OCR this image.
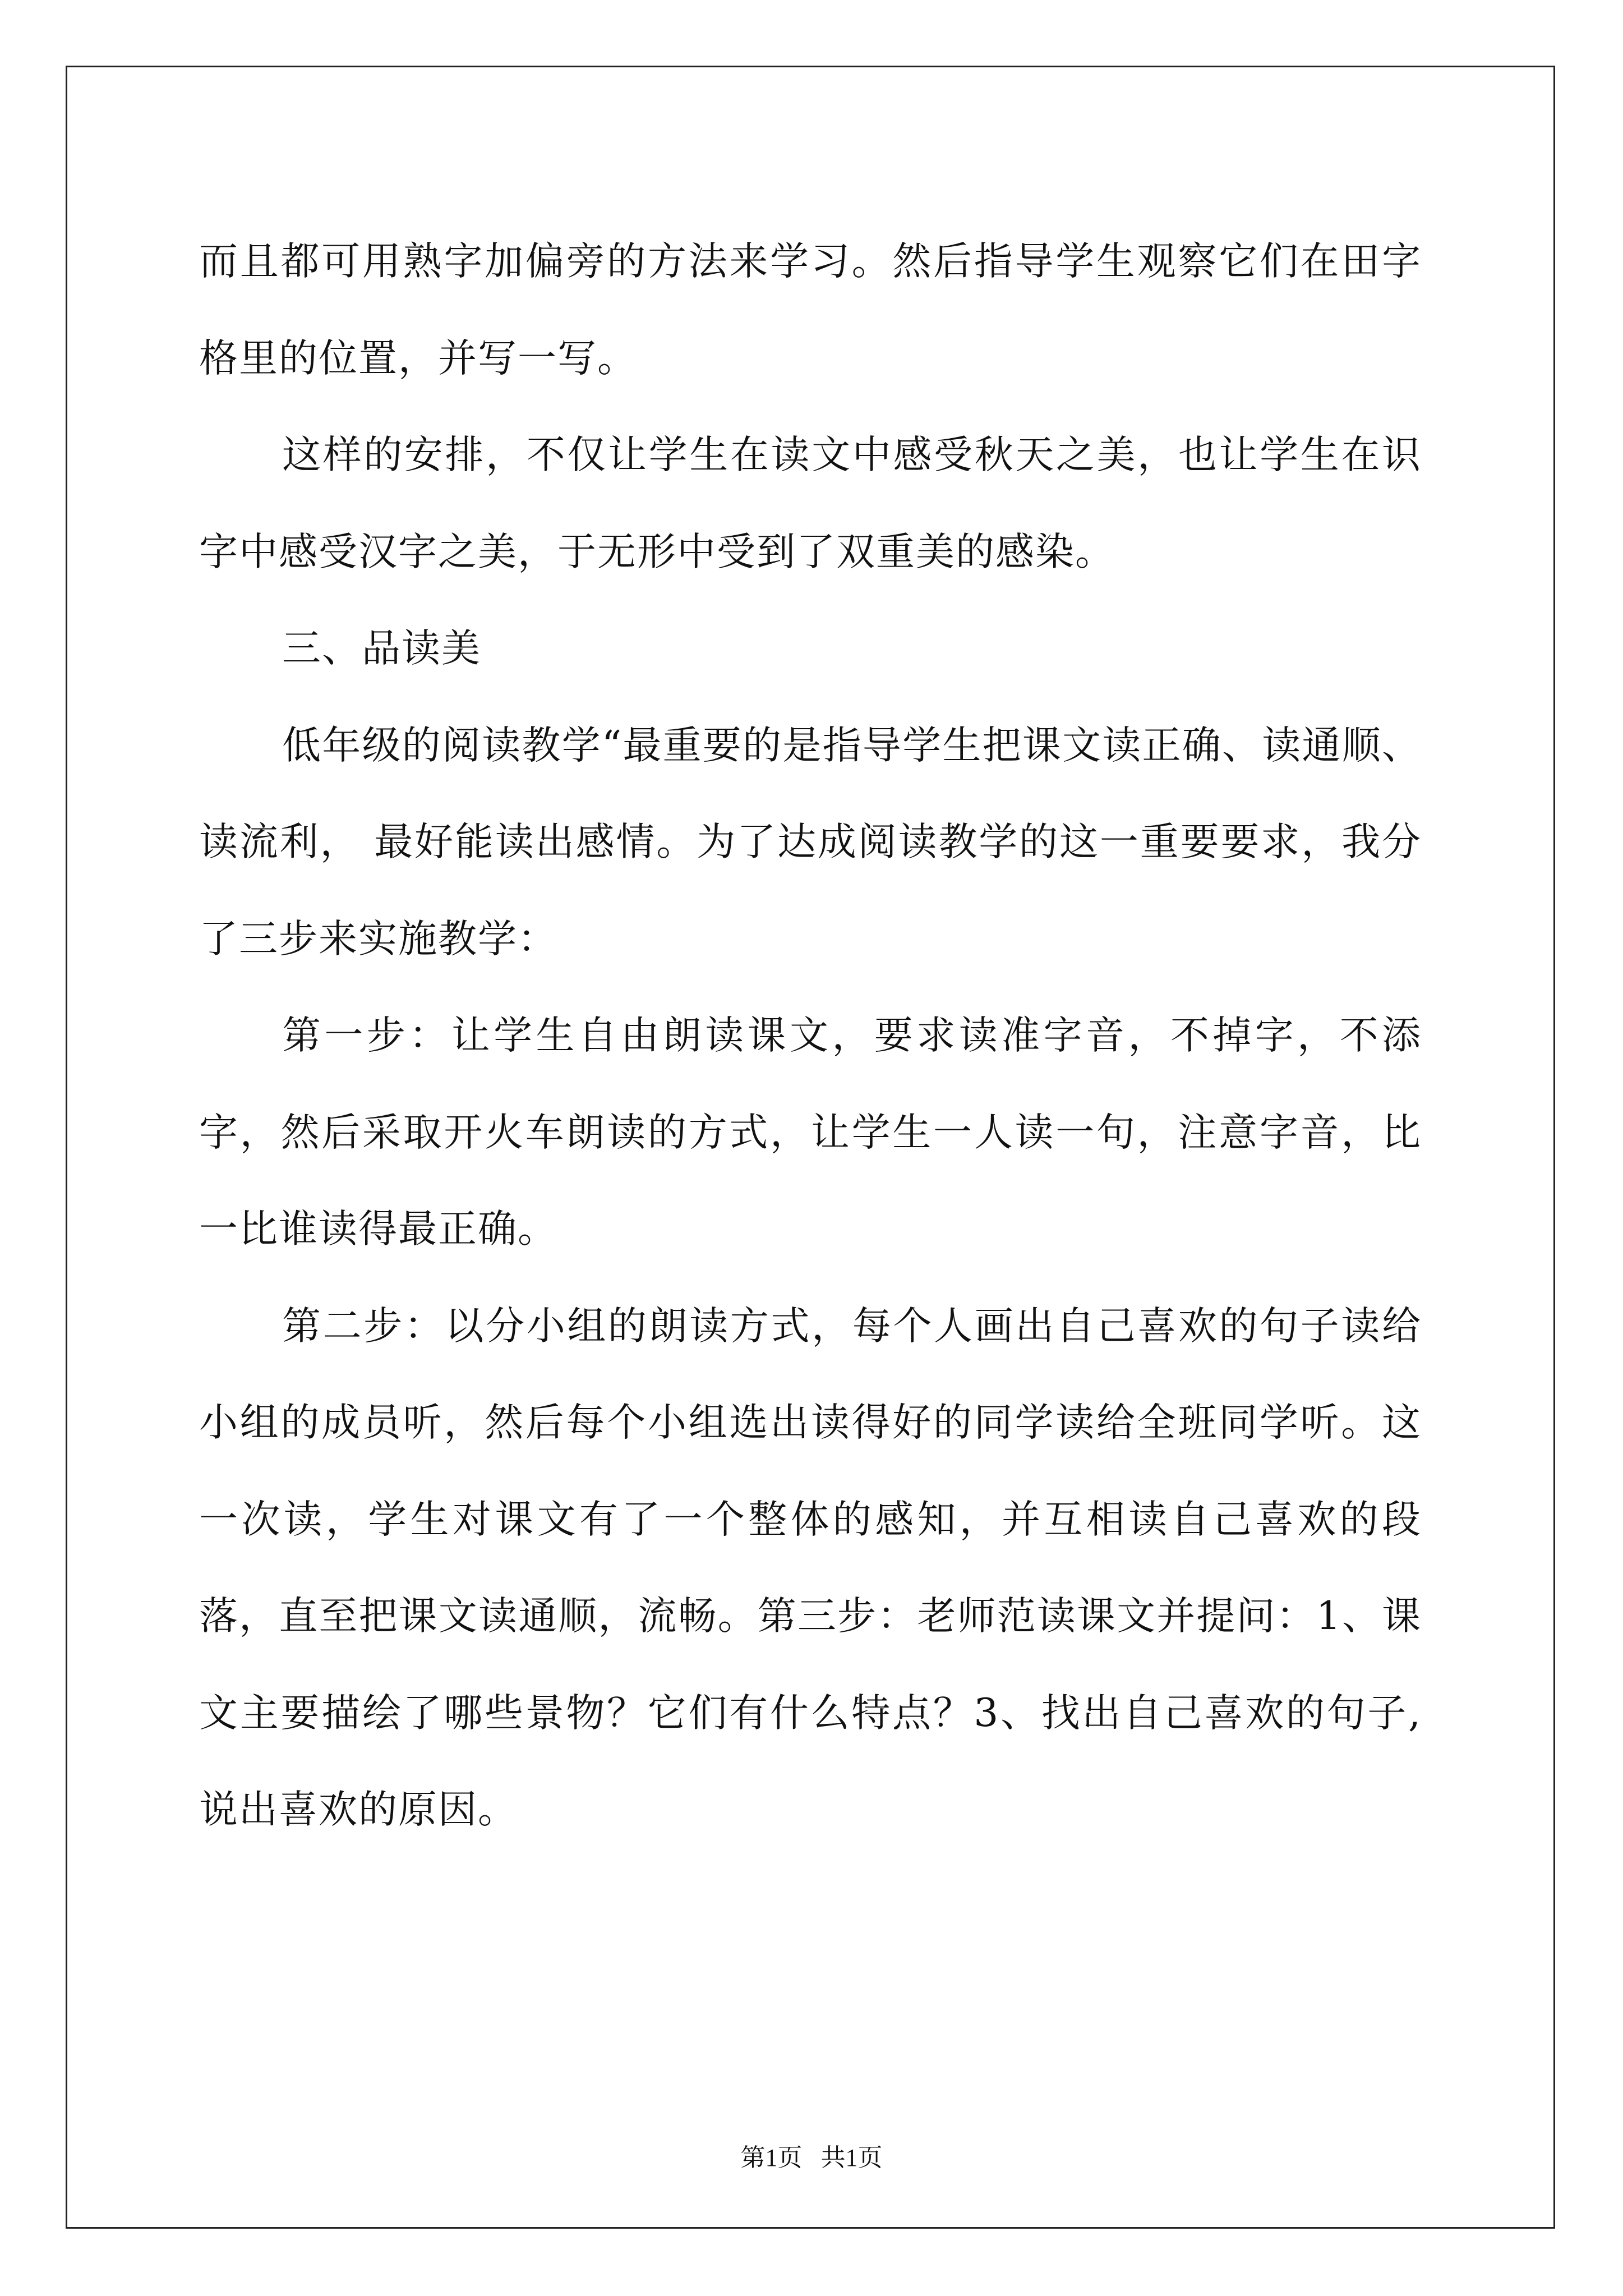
而且都可用熟字加偏旁的方法来学习。然后指导学生观察它们在田字格里的位置，并写一写。

这样的安排，不仅让学生在读文中感受秋天之美，也让学生在识字中感受汉字之美，于无形中受到了双重美的感染。

三、品读美

低年级的阅读教学“最重要的是指导学生把课文读正确、读通顺、读流利， 最好能读出感情。为了达成阅读教学的这一重要要求，我分了三步来实施教学：

第一步：让学生自由朗读课文，要求读准字音，不掉字，不添字，然后采取开火车朗读的方式，让学生一人读一句，注意字音，比一比谁读得最正确。

第二步：以分小组的朗读方式，每个人画出自己喜欢的句子读给小组的成员听，然后每个小组选出读得好的同学读给全班同学听。这一次读，学生对课文有了一个整体的感知，并互相读自己喜欢的段落，直至把课文读通顺，流畅。第三步：老师范读课文并提问：1、课文主要描绘了哪些景物？它们有什么特点？3、找出自己喜欢的句子,说出喜欢的原因。

第1页 共1页
